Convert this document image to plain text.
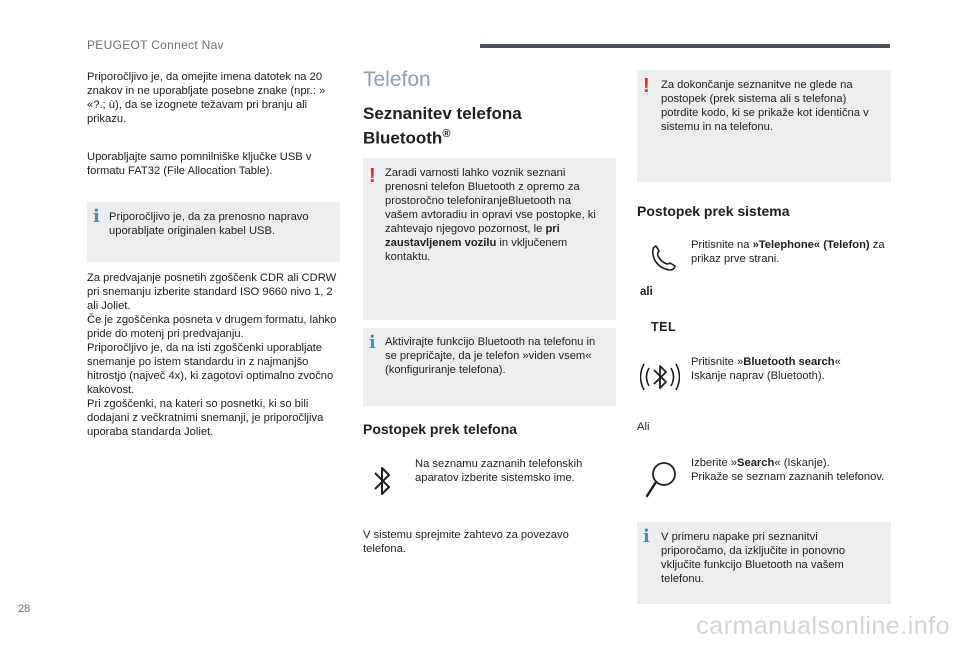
PEUGEOT Connect Nav
28
carmanualsonline.info
Priporočljivo je, da omejite imena datotek na 20 znakov in ne uporabljate posebne znake (npr.: » «?.; ù), da se izognete težavam pri branju ali prikazu.
Uporabljajte samo pomnilniške ključke USB v formatu FAT32 (File Allocation Table).
i Priporočljivo je, da za prenosno napravo uporabljate originalen kabel USB.
Za predvajanje posnetih zgoščenk CDR ali CDRW pri snemanju izberite standard ISO 9660 nivo 1, 2 ali Joliet.
Če je zgoščenka posneta v drugem formatu, lahko pride do motenj pri predvajanju.
Priporočljivo je, da na isti zgoščenki uporabljate snemanje po istem standardu in z najmanjšo hitrostjo (največ 4x), ki zagotovi optimalno zvočno kakovost.
Pri zgoščenki, na kateri so posnetki, ki so bili dodajani z večkratnimi snemanji, je priporočljiva uporaba standarda Joliet.
Telefon
Seznanitev telefona
Bluetooth®
! Zaradi varnosti lahko voznik seznani prenosni telefon Bluetooth z opremo za prostoročno telefoniranjeBluetooth na vašem avtoradiu in opravi vse postopke, ki zahtevajo njegovo pozornost, le pri zaustavljenem vozilu in vključenem kontaktu.
i Aktivirajte funkcijo Bluetooth na telefonu in se prepričajte, da je telefon »viden vsem« (konfiguriranje telefona).
Postopek prek telefona
Na seznamu zaznanih telefonskih aparatov izberite sistemsko ime.
V sistemu sprejmite zahtevo za povezavo telefona.
! Za dokončanje seznanitve ne glede na postopek (prek sistema ali s telefona) potrdite kodo, ki se prikaže kot identična v sistemu in na telefonu.
Postopek prek sistema
Pritisnite na »Telephone« (Telefon) za prikaz prve strani.
ali
TEL
Pritisnite »Bluetooth search«
Iskanje naprav (Bluetooth).
Ali
Izberite »Search« (Iskanje).
Prikaže se seznam zaznanih telefonov.
i V primeru napake pri seznanitvi priporočamo, da izključite in ponovno vključite funkcijo Bluetooth na vašem telefonu.
